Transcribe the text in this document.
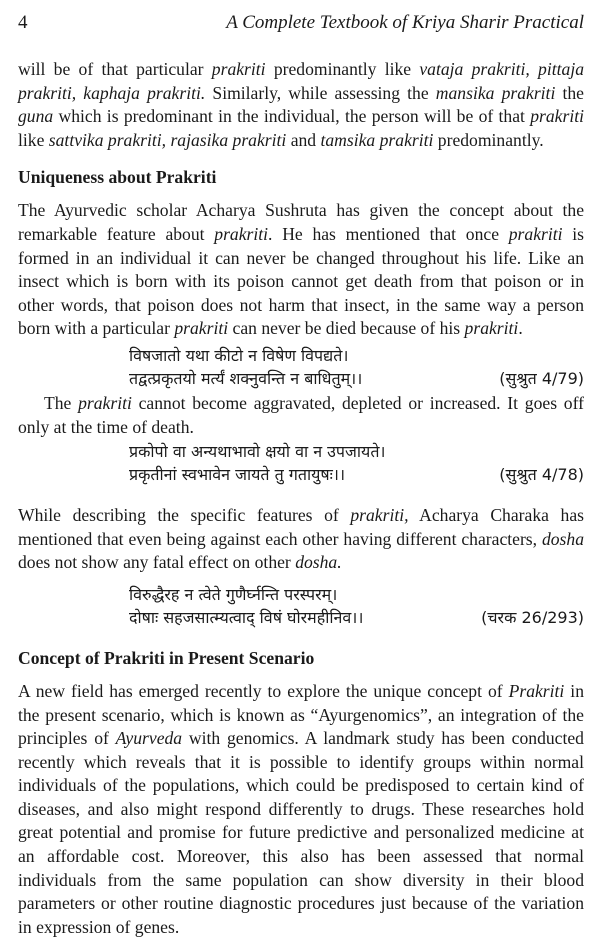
4	A Complete Textbook of Kriya Sharir Practical

will be of that particular prakriti predominantly like vataja prakriti, pittaja prakriti, kaphaja prakriti. Similarly, while assessing the mansika prakriti the guna which is predominant in the individual, the person will be of that prakriti like sattvika prakriti, rajasika prakriti and tamsika prakriti predominantly.

Uniqueness about Prakriti

The Ayurvedic scholar Acharya Sushruta has given the concept about the remarkable feature about prakriti. He has mentioned that once prakriti is formed in an individual it can never be changed throughout his life. Like an insect which is born with its poison cannot get death from that poison or in other words, that poison does not harm that insect, in the same way a person born with a particular prakriti can never be died because of his prakriti.

विषजातो यथा कीटो न विषेण विपद्यते।
तद्वत्प्रकृतयो मर्त्यं शक्नुवन्ति न बाधितुम्।।	(सुश्रुत 4/79)

The prakriti cannot become aggravated, depleted or increased. It goes off only at the time of death.

प्रकोपो वा अन्यथाभावो क्षयो वा न उपजायते।
प्रकृतीनां स्वभावेन जायते तु गतायुषः।।	(सुश्रुत 4/78)

While describing the specific features of prakriti, Acharya Charaka has mentioned that even being against each other having different characters, dosha does not show any fatal effect on other dosha.

विरुद्धैरह न त्वेते गुणैर्घ्नन्ति परस्परम्।
दोषाः सहजसात्म्यत्वाद् विषं घोरमहीनिव।।	(चरक 26/293)
Concept of Prakriti in Present Scenario

A new field has emerged recently to explore the unique concept of Prakriti in the present scenario, which is known as “Ayurgenomics”, an integration of the principles of Ayurveda with genomics. A landmark study has been conducted recently which reveals that it is possible to identify groups within normal individuals of the populations, which could be predisposed to certain kind of diseases, and also might respond differently to drugs. These researches hold great potential and promise for future predictive and personalized medicine at an affordable cost. Moreover, this also has been assessed that normal individuals from the same population can show diversity in their blood parameters or other routine diagnostic procedures just because of the variation in expression of genes.
